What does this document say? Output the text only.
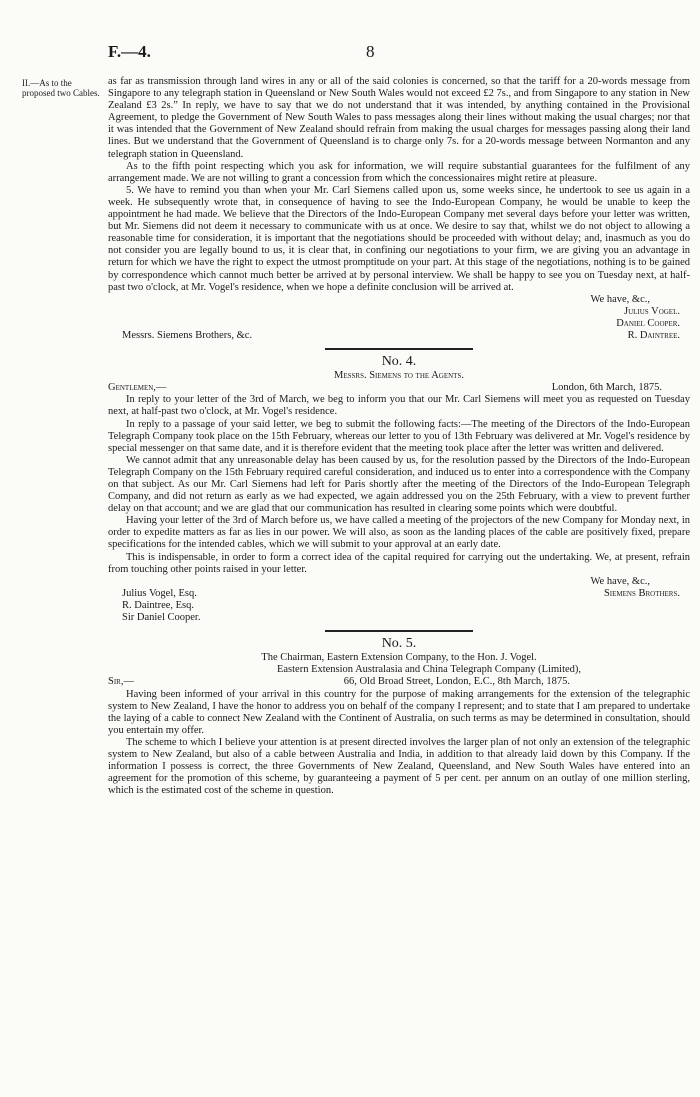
F.—4.	8
II.—As to the proposed two Cables.

as far as transmission through land wires in any or all of the said colonies is concerned, so that the tariff for a 20-words message from Singapore to any telegraph station in Queensland or New South Wales would not exceed £2 7s., and from Singapore to any station in New Zealand £3 2s.” In reply, we have to say that we do not understand that it was intended, by anything contained in the Provisional Agreement, to pledge the Government of New South Wales to pass messages along their lines without making the usual charges; nor that it was intended that the Government of New Zealand should refrain from making the usual charges for messages passing along their land lines. But we understand that the Government of Queensland is to charge only 7s. for a 20-words message between Normanton and any telegraph station in Queensland.

As to the fifth point respecting which you ask for information, we will require substantial guarantees for the fulfilment of any arrangement made. We are not willing to grant a concession from which the concessionaires might retire at pleasure.

5. We have to remind you than when your Mr. Carl Siemens called upon us, some weeks since, he undertook to see us again in a week. He subsequently wrote that, in consequence of having to see the Indo-European Company, he would be unable to keep the appointment he had made. We believe that the Directors of the Indo-European Company met several days before your letter was written, but Mr. Siemens did not deem it necessary to communicate with us at once. We desire to say that, whilst we do not object to allowing a reasonable time for consideration, it is important that the negotiations should be proceeded with without delay; and, inasmuch as you do not consider you are legally bound to us, it is clear that, in confining our negotiations to your firm, we are giving you an advantage in return for which we have the right to expect the utmost promptitude on your part. At this stage of the negotiations, nothing is to be gained by correspondence which cannot much better be arrived at by personal interview. We shall be happy to see you on Tuesday next, at half-past two o'clock, at Mr. Vogel's residence, when we hope a definite conclusion will be arrived at.

We have, &c.,
Julius Vogel.
Daniel Cooper.
Messrs. Siemens Brothers, &c.	R. Daintree.
No. 4.

Messrs. Siemens to the Agents.

Gentlemen,—	London, 6th March, 1875.

In reply to your letter of the 3rd of March, we beg to inform you that our Mr. Carl Siemens will meet you as requested on Tuesday next, at half-past two o'clock, at Mr. Vogel's residence.

In reply to a passage of your said letter, we beg to submit the following facts:—The meeting of the Directors of the Indo-European Telegraph Company took place on the 15th February, whereas our letter to you of 13th February was delivered at Mr. Vogel's residence by special messenger on that same date, and it is therefore evident that the meeting took place after the letter was written and delivered.

We cannot admit that any unreasonable delay has been caused by us, for the resolution passed by the Directors of the Indo-European Telegraph Company on the 15th February required careful consideration, and induced us to enter into a correspondence with the Company on that subject. As our Mr. Carl Siemens had left for Paris shortly after the meeting of the Directors of the Indo-European Telegraph Company, and did not return as early as we had expected, we again addressed you on the 25th February, with a view to prevent further delay on that account; and we are glad that our communication has resulted in clearing some points which were doubtful.

Having your letter of the 3rd of March before us, we have called a meeting of the projectors of the new Company for Monday next, in order to expedite matters as far as lies in our power. We will also, as soon as the landing places of the cable are positively fixed, prepare specifications for the intended cables, which we will submit to your approval at an early date.

This is indispensable, in order to form a correct idea of the capital required for carrying out the undertaking. We, at present, refrain from touching other points raised in your letter.

We have, &c.,
Julius Vogel, Esq.	Siemens Brothers.

R. Daintree, Esq.

Sir Daniel Cooper.

No. 5.

The Chairman, Eastern Extension Company, to the Hon. J. Vogel.

Eastern Extension Australasia and China Telegraph Company (Limited),

Sir,—	66, Old Broad Street, London, E.C., 8th March, 1875.

Having been informed of your arrival in this country for the purpose of making arrangements for the extension of the telegraphic system to New Zealand, I have the honor to address you on behalf of the company I represent; and to state that I am prepared to undertake the laying of a cable to connect New Zealand with the Continent of Australia, on such terms as may be determined in consultation, should you entertain my offer.

The scheme to which I believe your attention is at present directed involves the larger plan of not only an extension of the telegraphic system to New Zealand, but also of a cable between Australia and India, in addition to that already laid down by this Company. If the information I possess is correct, the three Governments of New Zealand, Queensland, and New South Wales have entered into an agreement for the promotion of this scheme, by guaranteeing a payment of 5 per cent. per annum on an outlay of one million sterling, which is the estimated cost of the scheme in question.
